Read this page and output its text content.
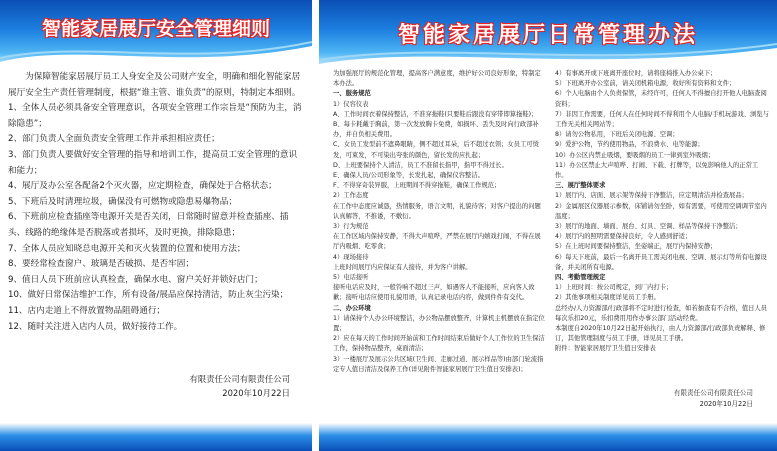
智能家居展厅安全管理细则

为保障智能家居展厅员工人身安全及公司财产安全，明确和细化智能家居展厅安全生产责任管理制度，根据“谁主管、谁负责”的原则，特制定本细则。

1、全体人员必须具备安全管理意识，各项安全管理工作宗旨是“预防为主，消除隐患”；

2、部门负责人全面负责安全管理工作并承担相应责任；

3、部门负责人要做好安全管理的指导和培训工作，提高员工安全管理的意识和能力；

4、展厅及办公室各配备2个灭火器，应定期检查，确保处于合格状态；

5、下班后及时清理垃圾，确保没有可燃物或隐患易爆物品；

6、下班前应检查插座等电源开关是否关闭，日常随时留意并检查插座、插头、线路的绝缘体是否脱落或者损坏，及时更换，排除隐患；

7、全体人员应知晓总电源开关和灭火装置的位置和使用方法；

8、要经常检查窗户、玻璃是否破损、是否牢固；

9、值日人员下班前应认真检查，确保水电、窗户关好并锁好店门；

10、做好日常保洁维护工作，所有设备/展品应保持清洁，防止灰尘污染；

11、店内走道上不得放置物品阻碍通行；

12、随时关注进入店内人员，做好接待工作。

有限责任公司有限责任公司
2020年10月22日
智能家居展厅日常管理办法

为加强展厅的规范化管理，提高客户满意度，维护好公司良好形象，特制定本办法。

一、服务规范

1）仪容仪表

A、工作时间衣着保持整洁，不准穿拖鞋(只要鞋后跟没有穿带即算拖鞋)；

B、每卡耗戴于胸前，第一次发放胸卡免费，如损坏、丢失及时向行政部补办，并自负相关费用。

C、女员工发型前不遮鼻眼睛，侧不超过耳朵，后不超过衣领；女员工可烫发，可束发，不可染出夸张的颜色，留长发的应扎起；

D、上班要保持个人清洁，员工不准留长指甲，指甲不得过长。

E、确保人员/公司形象等，长发扎起，确保仪容整洁。

F、不得穿奇装异服，上班期间不得穿拖鞋，确保工作规范；

2）工作态度

在工作中态度应诚恳，热情服务，语言文明，礼貌待客；对客户提出的问题认真解答，不推诿，不敷衍。

3）行为规范

在工作区域内保持安静，不得大声喧哗，严禁在展厅内嬉戏打闹，不得在展厅内吸烟、吃零食；

4）现场接待

上班时间展厅内应保证有人接待，并为客户讲解。

5）电话接听

接听电话应及时，一般铃响不超过三声，如遇客人不能接听，应向客人致歉；接听电话应使用礼貌用语，认真记录电话内容，做到件件有交代。

二、办公环境

1）请保持个人办公环境整洁，办公物品摆放整齐，计算机主机摆放在指定位置；

2）应在每天的工作时间开始前和工作时间结束后做好个人工作位的卫生保洁工作，保持物品整齐，桌面清洁；

3）一楼展厅及展示公共区域(卫生间、走廊过道、展示样品等)由部门轮流指定专人值日清洁及保养工作(详见附件智能家居展厅卫生值日安排表)；

4）有事离开或下班离开座位时，请将座椅推入办公桌下；

5）下班离开办公室前，请关闭机箱电源，收好所有资料和文件；

6）个人电脑由个人负责保管，未经许可，任何人不得擅自打开他人电脑查阅资料；

7）非因工作需要，任何人在任何时间不得利用个人电脑/手机玩游戏、浏览与工作无关相关网站等；

8）请勿公物私用，下班后关闭电源、空调；

9）爱护公物，节约使用物品，不浪费水、电等能源；

10）办公区内禁止吸烟，要吸烟的员工一律到室外吸烟；

11）办公区禁止大声喧哗、打闹、下载、打牌等，以免影响他人的正常工作。

三、展厅整体要求

1）展厅内、店面、展示架等保持干净整洁，应定期清洁并检查展品；

2）金属展区仪器展示参数，床铺请勿坐卧，如有需要，可使用空调调节室内温度；

3）展厅的地面、墙面、展台、灯具、空调、样品等保持干净整洁；

4）展厅内的照明需要保持良好，令人感到舒适；

5）在上班时间要保持整洁，坐姿端正，展厅内保持安静；

6）每天下班前，最后一名离开员工需关闭电视、空调、展示灯等所有电源设备，并关闭所有电源。

四、考勤管理规定

1）上班时间：按公司规定，到厂内打卡；

2）其他事项相关制度详见员工手册。

总经办/人力资源部/行政部将不定时进行检查，如若抽查有不合格，值日人员每次乐扣20元，乐扣费用用作办事公部门活动经费。

本制度自2020年10月22日起开始执行，由人力资源部/行政部负责解释、修订，其他管理制度与员工手册，详见员工手册。

附件：智能家居展厅卫生值日安排表

有限责任公司有限责任公司
2020年10月22日
